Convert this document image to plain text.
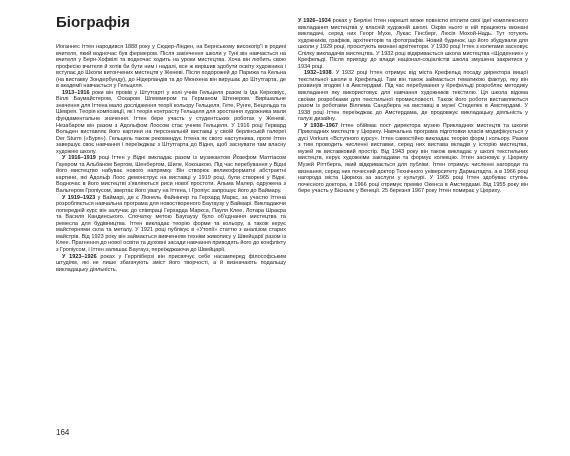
Біографія

Йоганнес Іттен народився 1888 року у Сюдер-Лінден, на Бернському високогір'ї в родині вчителя, який водночас був фермером. Після закінчення школи у Туні він навчається на вчителя у Берн-Хофвілі та водночас ходить на уроки мистецтва. Хоча він любить свою професію вчителя й хотів би бути ним і надалі, все ж вирішив здобути освіту художника і вступає до Школи витончених мистецтв у Женеві. Після подорожей до Парижа та Кельна (на виставку Зондербунду), до Нідерландів та до Мюнхена він вирушає до Штутгарта, де в академії навчається у Гельцеля.

1913–1916 роки він провів у Штутгарті у колі учнів Гельцеля разом із Іда Керковіус, Віллі Баумайстером, Оскаром Шлеммером та Германом Штенером. Вирішальне значення для Іттена мало дослідження теорії кольору Гельцеля, Гете, Рунге, Бецольда та Шеврея. Теорія композиції, як і теорія контрасту Гельцеля для зростання художника мали фундаментальне значення. Іттен бере участь у студентських роботах у Женеві. Незабаром він разом з Адольфом Лоосом стає учнем Гельцеля. У 1916 році Гервард Вольден виставляє його картини на персональній виставці у своїй берлінській галереї Der Sturm («Буря»). Гельцель також рекомендує Іттена як свого наступника, проте Іттен завершує своє навчання і переїжджає з Штутгарта до Відня, щоб заснувати там власну художню школу.

У 1916–1919 році Іттен у Відні викладає разом із музикантом Йозефом Маттіасом Гауером та Альбаном Бергом, Шенбергом, Шиле, Кокошкою. Під час перебування у Відні його мистецтво набуває нового напрямку. Він створює великоформатні абстрактні картини, які Адольф Лоос демонструє на виставці у 1919 році, були створені у Відні. Водночас в його мистецтві з'являються риси нової простоти. Альма Малер, одружена з Вальтером Гропіусом, звертає його увагу на Іттена, і Гропіус запрошує його до Ваймару.

У 1919–1923 у Ваймарі, де є Ліонель Файнінгер та Герхард Маркс, за участю Іттена розробляється навчальна програма для новоствореного Баугаузу у Ваймарі. Викладаючи попередній курс він залучає до співпраці Герхарда Маркса, Пауля Клее, Лотара Шраєра та Василя Кандинського. Спочатку метою Баугаузу було об'єднання мистецтва та ремесла для будівництва. Іттен викладає теорію форми та кольору, а також керує майстернями скла та металу. У 1921 році публікує в «Утопії» статтю з аналізом старих майстрів. Від 1923 року він займається вивченням техніки живопису у Швейцарії разом із Клее. Прагнення до нової освіти та духовні засади навчання приводять його до конфлікту з Гропіусом, і Іттен залишає Баугауз, переїжджаючи до Швейцарії.

У 1923–1926 роках у Геррліберзі він присвячує себе насамперед філософським штудіям, які не лише збагачують зміст його творчості, а й визначають подальшу викладацьку діяльність.

У 1926–1934 роках у Берліні Іттен нарешті може повністю втілити свої ідеї комплексного викладання мистецтва у власній художній школі. Окрім нього в ній працюють визнані викладачі, серед них Георг Мухе, Лукас Гінсберг, Люсія Мохой-Надь. Тут готують художників, графіків, архітекторів та фотографів. Новий будинок, що його збудували для школи у 1929 році, проєктують визнані архітектори. У 1930 році Іттен з колегами засновує Спілку викладачів мистецтва. У 1932 році відкривається школа мистецтва «Щоденних» у Крефельді. Після приходу до влади націонал-соціалістів школа змушена закритися у 1934 році.

1932–1938. У 1932 році Іттен отримує від міста Крефельд посаду директора вищої текстильної школи в Крефельді. Там він також займається тематикою фактур, яку він розвинув згодом і в Амстердамі. Під час перебування у Крефельді розробляє методику викладання яку використовує для навчання художників текстилю. Ця школа відома своїми розробками для текстильної промисловості. Також його роботи виставляються разом із роботами Віллема Сандберга на виставці в музеї Стеделек в Амстердамі. У 1938 році Іттен переїжджає до Амстердама, де продовжує викладацьку діяльність у галузі дизайну.

У 1938–1967 Іттен обіймає пост директора музею Прикладних мистецтв та школи Прикладних мистецтв у Цюриху. Навчальна програма підготовки класів модифікується у дусі Vorkurs «Вступного курсу». Іттен самостійно викладає теорію форм і кольору. Разом з тим проводить численні виставки, серед них вистава вкладів у історію мистецтва, музей як виставковий простір. Від 1943 року він також викладає у школі текстильних мистецтв, керує художніми закладами та формує колекцію. Іттен засновує у Цюриху Музей Ріттберга, який відкривається для публіки. Іттен отримує численні нагороди та визнання, серед них почесний доктор Технічного університету Дармштадта, а в 1966 році нагорода міста Цюриха за заслуги у культурі. У 1965 році Іттен здобуває ступінь почесного доктора, в 1966 році отримує премію Окенса в Амстердамі. Від 1955 року він бере участь у Бієнале у Венеції. 25 березня 1967 року Іттен помирає у Цюриху.

164
